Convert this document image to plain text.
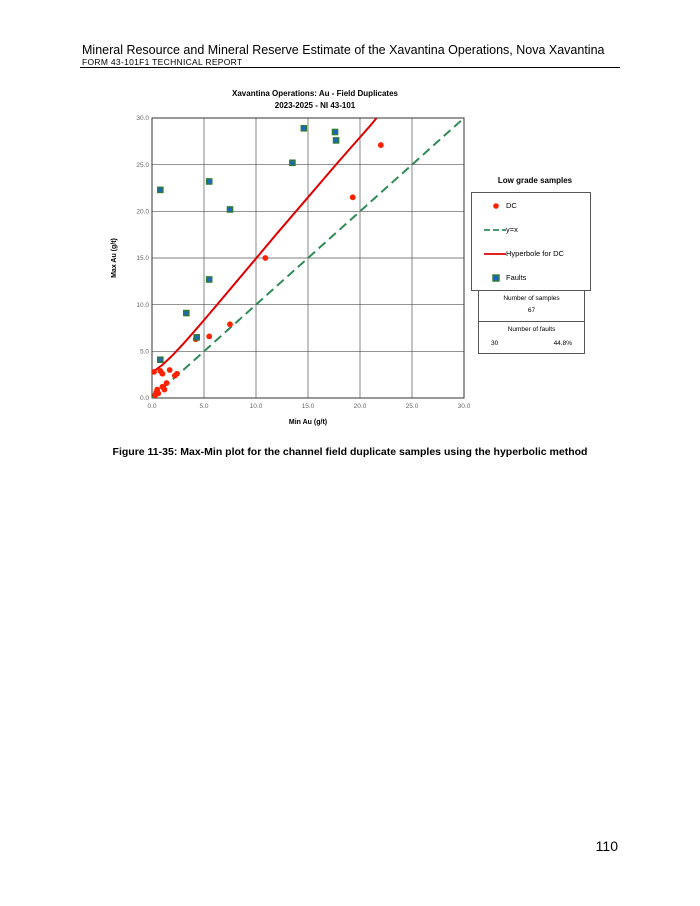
Mineral Resource and Mineral Reserve Estimate of the Xavantina Operations, Nova Xavantina
FORM 43-101F1 TECHNICAL REPORT
Xavantina Operations: Au - Field Duplicates
2023-2025 - NI 43-101
0.0	5.0	10.0	15.0	20.0	25.0	30.0
0.0
5.0
10.0
15.0
20.0
25.0
30.0
Min Au (g/t)
Max Au (g/t)
Low grade samples
DC
y=x
Hyperbole for DC
Faults
Number of samples
67
Number of faults
30	44.8%
Figure 11-35: Max-Min plot for the channel field duplicate samples using the hyperbolic method
110
